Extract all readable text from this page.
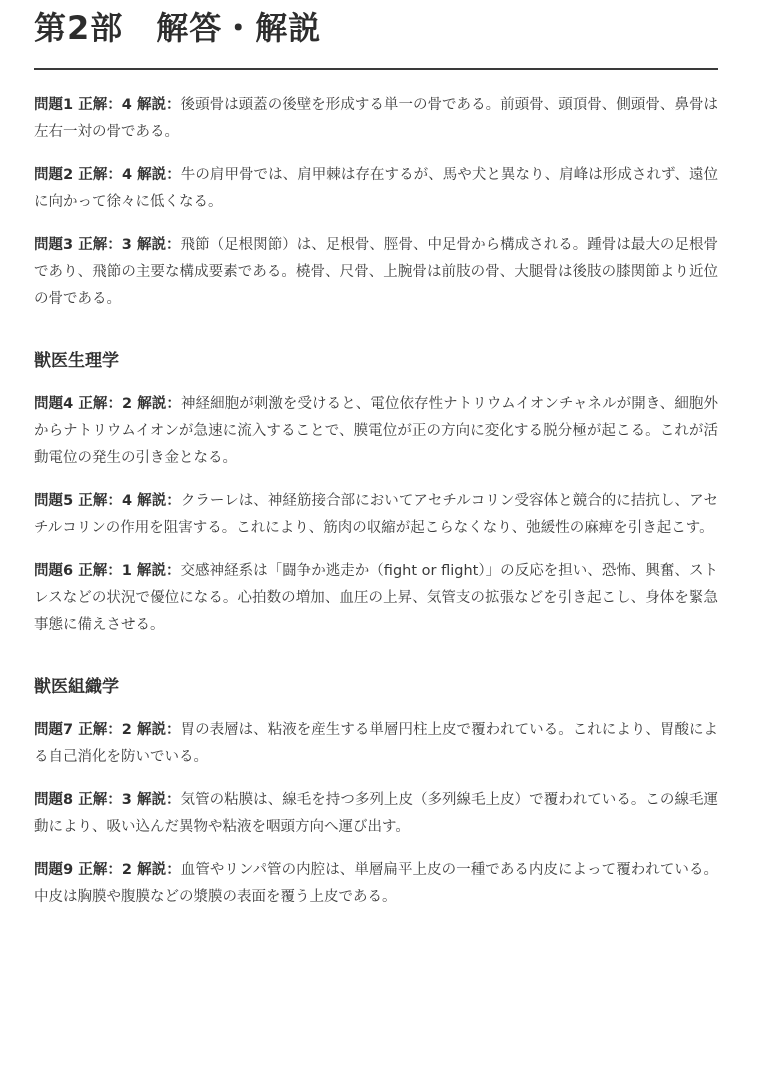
第2部　解答・解説

問題1 正解：4 解説：後頭骨は頭蓋の後壁を形成する単一の骨である。前頭骨、頭頂骨、側頭骨、鼻骨は左右一対の骨である。

問題2 正解：4 解説：牛の肩甲骨では、肩甲棘は存在するが、馬や犬と異なり、肩峰は形成されず、遠位に向かって徐々に低くなる。

問題3 正解：3 解説：飛節（足根関節）は、足根骨、脛骨、中足骨から構成される。踵骨は最大の足根骨であり、飛節の主要な構成要素である。橈骨、尺骨、上腕骨は前肢の骨、大腿骨は後肢の膝関節より近位の骨である。

獣医生理学

問題4 正解：2 解説：神経細胞が刺激を受けると、電位依存性ナトリウムイオンチャネルが開き、細胞外からナトリウムイオンが急速に流入することで、膜電位が正の方向に変化する脱分極が起こる。これが活動電位の発生の引き金となる。

問題5 正解：4 解説：クラーレは、神経筋接合部においてアセチルコリン受容体と競合的に拮抗し、アセチルコリンの作用を阻害する。これにより、筋肉の収縮が起こらなくなり、弛緩性の麻痺を引き起こす。

問題6 正解：1 解説：交感神経系は「闘争か逃走か（fight or flight）」の反応を担い、恐怖、興奮、ストレスなどの状況で優位になる。心拍数の増加、血圧の上昇、気管支の拡張などを引き起こし、身体を緊急事態に備えさせる。

獣医組織学

問題7 正解：2 解説：胃の表層は、粘液を産生する単層円柱上皮で覆われている。これにより、胃酸による自己消化を防いでいる。

問題8 正解：3 解説：気管の粘膜は、線毛を持つ多列上皮（多列線毛上皮）で覆われている。この線毛運動により、吸い込んだ異物や粘液を咽頭方向へ運び出す。

問題9 正解：2 解説：血管やリンパ管の内腔は、単層扁平上皮の一種である内皮によって覆われている。中皮は胸膜や腹膜などの漿膜の表面を覆う上皮である。
